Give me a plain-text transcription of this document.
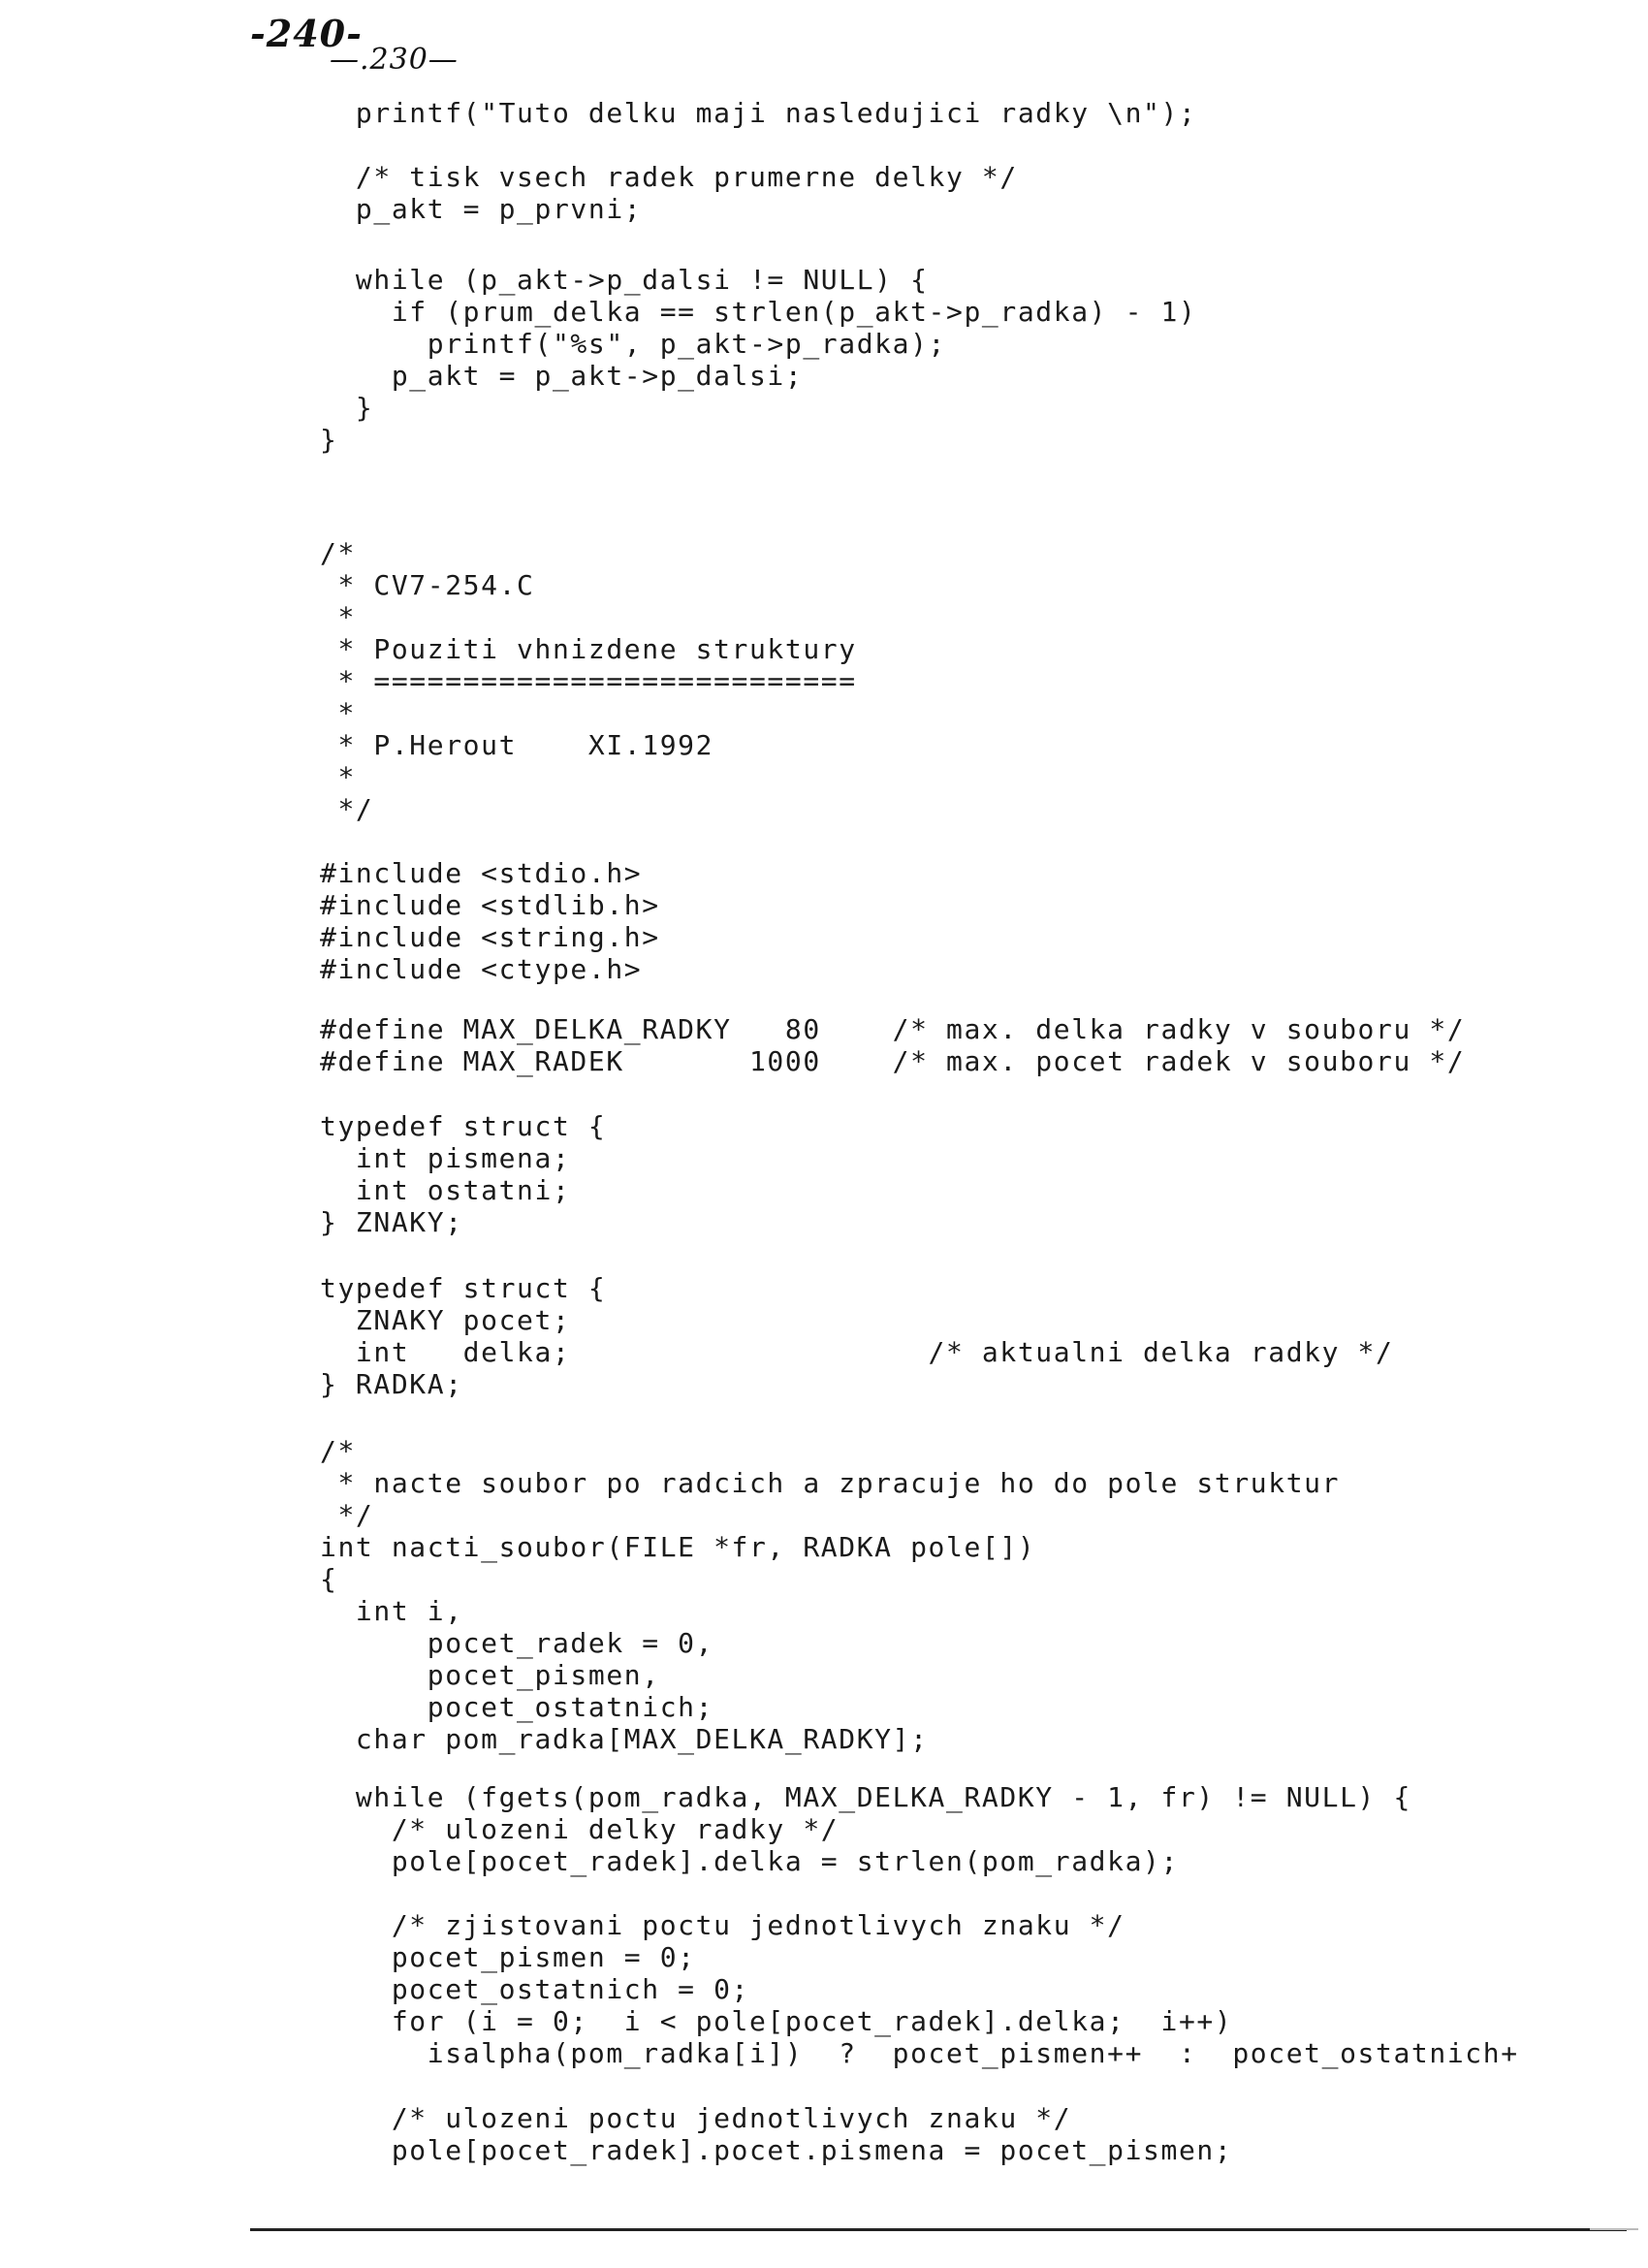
-240-
—.230—
printf("Tuto delku maji nasledujici radky \n");
/* tisk vsech radek prumerne delky */
p_akt = p_prvni;
while (p_akt->p_dalsi != NULL) {
if (prum_delka == strlen(p_akt->p_radka) - 1)
printf("%s", p_akt->p_radka);
p_akt = p_akt->p_dalsi;
}
}
/*
* CV7-254.C
*
* Pouziti vhnizdene struktury
* ===========================
*
* P.Herout    XI.1992
*
*/
#include <stdio.h>
#include <stdlib.h>
#include <string.h>
#include <ctype.h>
#define MAX_DELKA_RADKY   80    /* max. delka radky v souboru */
#define MAX_RADEK       1000    /* max. pocet radek v souboru */
typedef struct {
int pismena;
int ostatni;
} ZNAKY;
typedef struct {
ZNAKY pocet;
int   delka;                    /* aktualni delka radky */
} RADKA;
/*
* nacte soubor po radcich a zpracuje ho do pole struktur
*/
int nacti_soubor(FILE *fr, RADKA pole[])
{
int i,
pocet_radek = 0,
pocet_pismen,
pocet_ostatnich;
char pom_radka[MAX_DELKA_RADKY];
while (fgets(pom_radka, MAX_DELKA_RADKY - 1, fr) != NULL) {
/* ulozeni delky radky */
pole[pocet_radek].delka = strlen(pom_radka);
/* zjistovani poctu jednotlivych znaku */
pocet_pismen = 0;
pocet_ostatnich = 0;
for (i = 0;  i < pole[pocet_radek].delka;  i++)
isalpha(pom_radka[i])  ?  pocet_pismen++  :  pocet_ostatnich+
/* ulozeni poctu jednotlivych znaku */
pole[pocet_radek].pocet.pismena = pocet_pismen;
